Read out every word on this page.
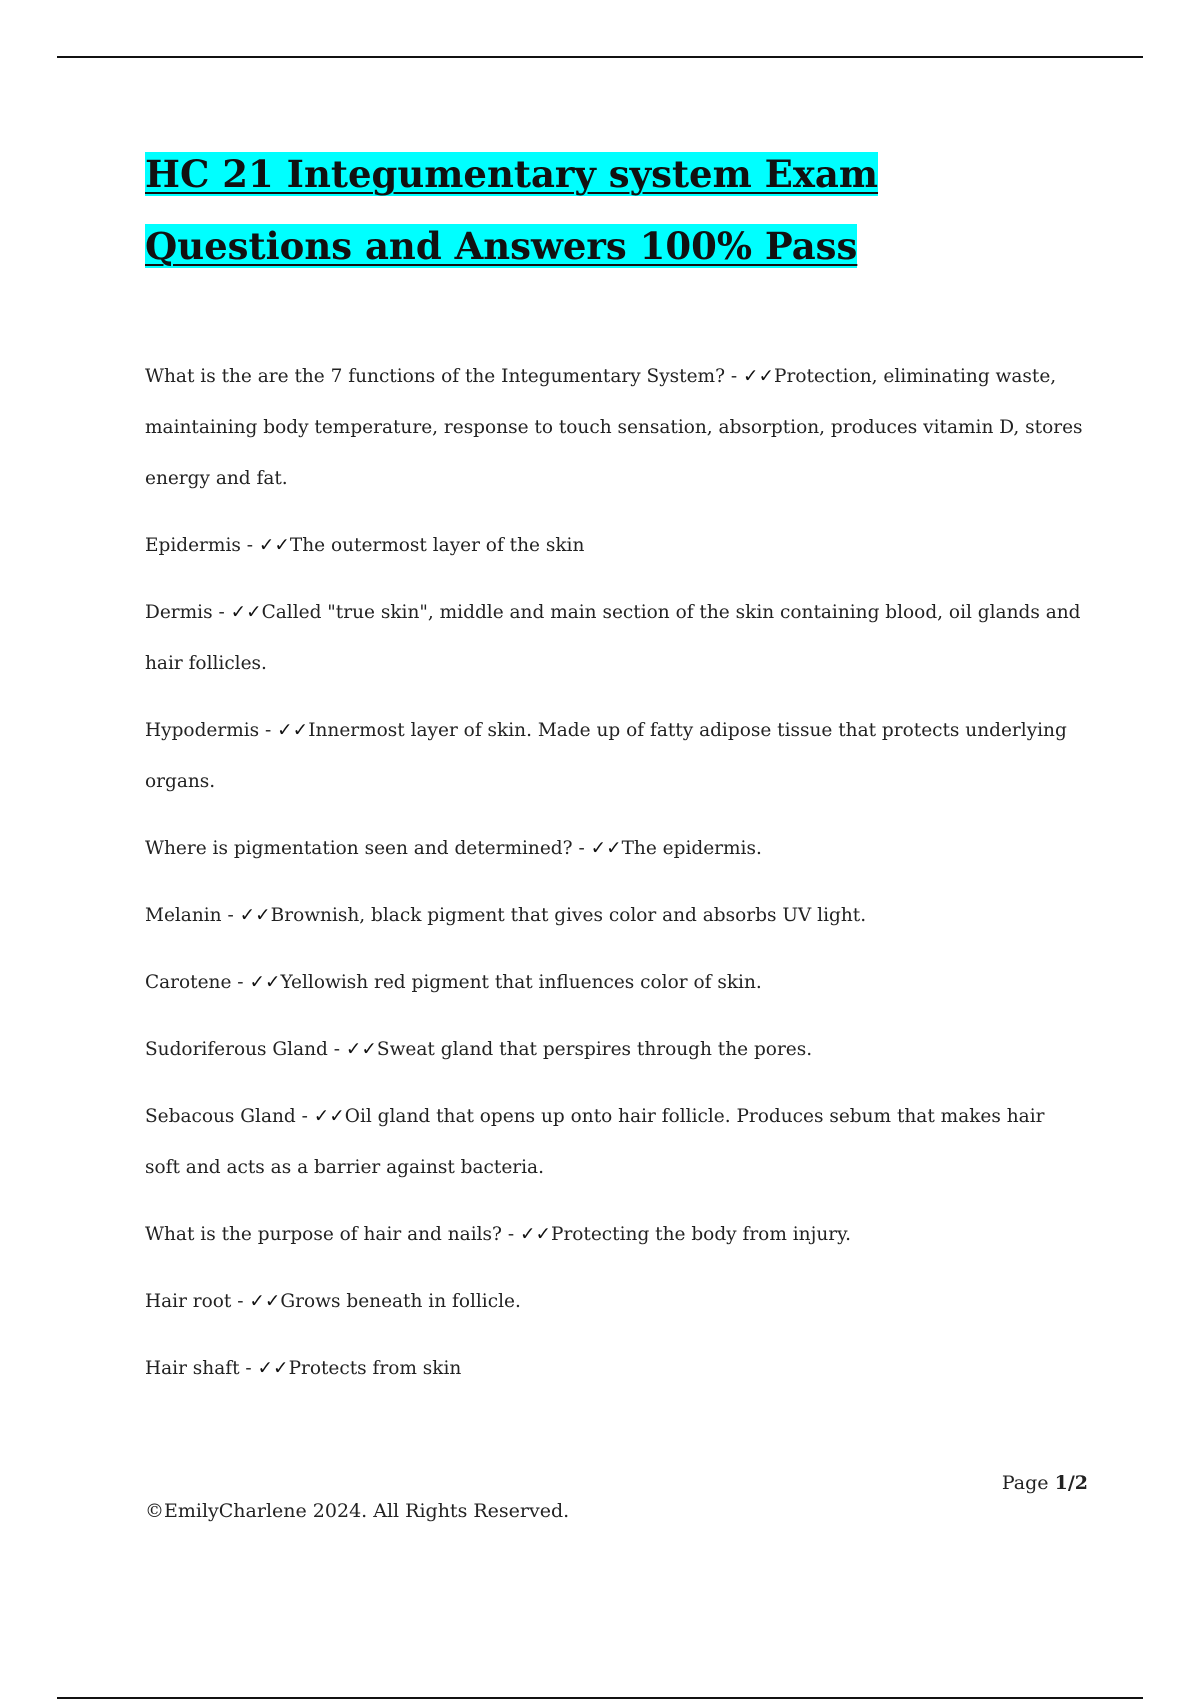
HC 21 Integumentary system Exam Questions and Answers 100% Pass
What is the are the 7 functions of the Integumentary System? - ✓✓Protection, eliminating waste, maintaining body temperature, response to touch sensation, absorption, produces vitamin D, stores energy and fat.
Epidermis - ✓✓The outermost layer of the skin
Dermis - ✓✓Called "true skin", middle and main section of the skin containing blood, oil glands and hair follicles.
Hypodermis - ✓✓Innermost layer of skin. Made up of fatty adipose tissue that protects underlying organs.
Where is pigmentation seen and determined? - ✓✓The epidermis.
Melanin - ✓✓Brownish, black pigment that gives color and absorbs UV light.
Carotene - ✓✓Yellowish red pigment that influences color of skin.
Sudoriferous Gland - ✓✓Sweat gland that perspires through the pores.
Sebacous Gland - ✓✓Oil gland that opens up onto hair follicle. Produces sebum that makes hair soft and acts as a barrier against bacteria.
What is the purpose of hair and nails? - ✓✓Protecting the body from injury.
Hair root - ✓✓Grows beneath in follicle.
Hair shaft - ✓✓Protects from skin
Page 1/2
©EmilyCharlene 2024. All Rights Reserved.
